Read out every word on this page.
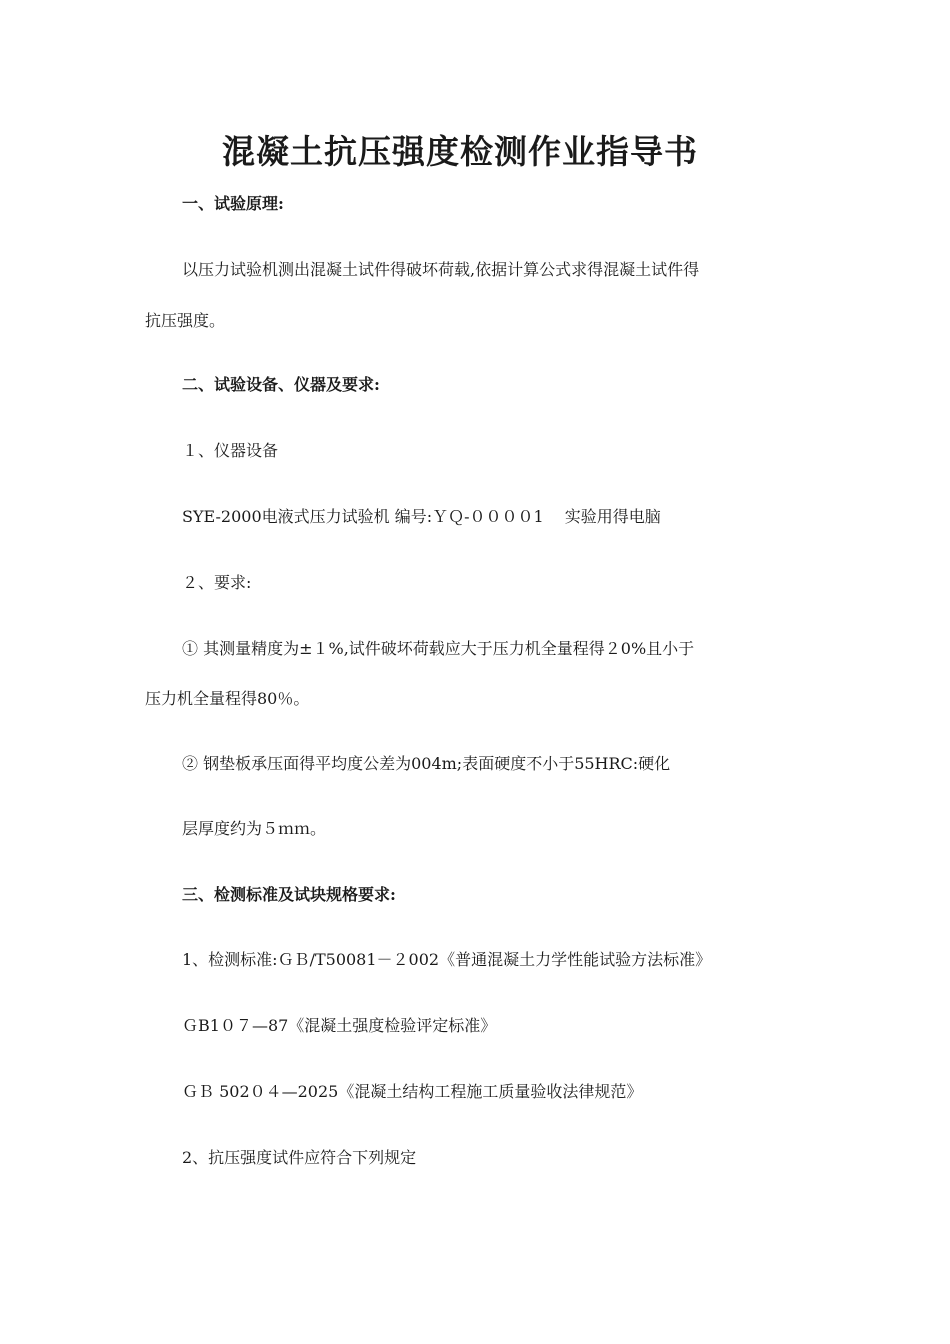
混凝土抗压强度检测作业指导书

一、试验原理:

以压力试验机测出混凝土试件得破坏荷载,依据计算公式求得混凝土试件得

抗压强度。

二、试验设备、仪器及要求:

１、仪器设备

SYE-2000电液式压力试验机 编号:ＹＱ-００００1　 实验用得电脑

２、要求:

① 其测量精度为±１%,试件破坏荷载应大于压力机全量程得２0%且小于

压力机全量程得80％。

② 钢垫板承压面得平均度公差为004m;表面硬度不小于55HRC:硬化

层厚度约为５ｍｍ。

三、检测标准及试块规格要求:

1、检测标准:ＧＢ/T50081－２002《普通混凝土力学性能试验方法标准》

ＧB1０７—87《混凝土强度检验评定标准》

ＧＢ 502０４—2025《混凝土结构工程施工质量验收法律规范》

2、抗压强度试件应符合下列规定
